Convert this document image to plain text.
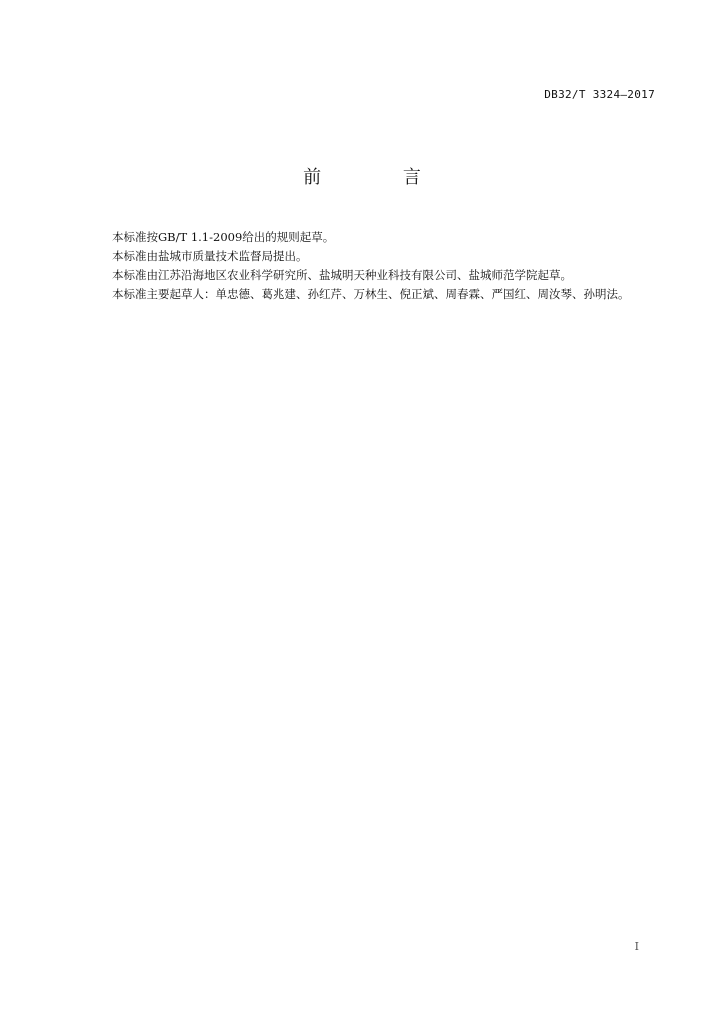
DB32/T 3324—2017
前 言

本标准按GB/T 1.1-2009给出的规则起草。

本标准由盐城市质量技术监督局提出。

本标准由江苏沿海地区农业科学研究所、盐城明天种业科技有限公司、盐城师范学院起草。

本标准主要起草人：单忠德、葛兆建、孙红芹、万林生、倪正斌、周春霖、严国红、周汝琴、孙明法。

I
